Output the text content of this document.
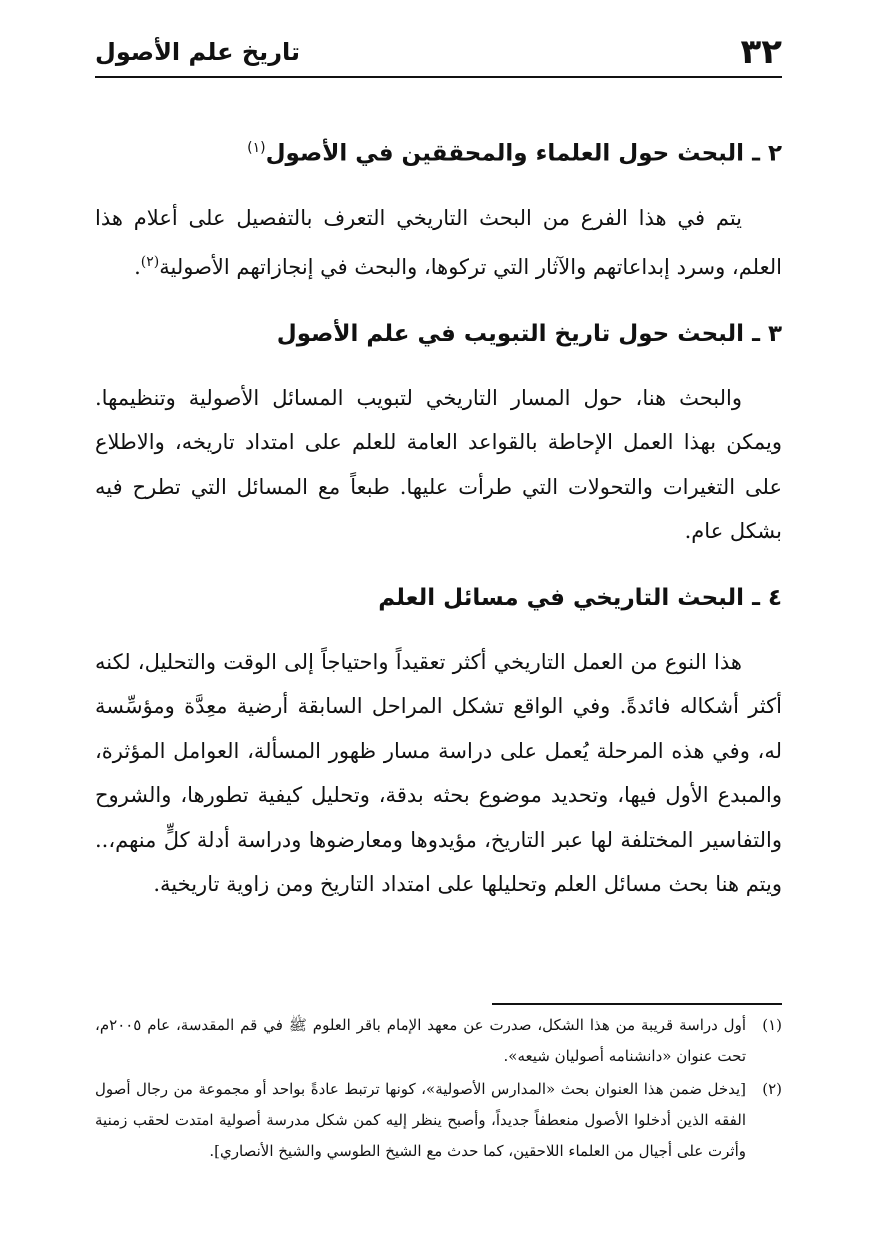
٣٢
تاريخ علم الأصول
٢ ـ البحث حول العلماء والمحققين في الأصول$^{(١)}$

يتم في هذا الفرع من البحث التاريخي التعرف بالتفصيل على أعلام هذا العلم، وسرد إبداعاتهم والآثار التي تركوها، والبحث في إنجازاتهم الأصولية$^{(٢)}$.

٣ ـ البحث حول تاريخ التبويب في علم الأصول

والبحث هنا، حول المسار التاريخي لتبويب المسائل الأصولية وتنظيمها. ويمكن بهذا العمل الإحاطة بالقواعد العامة للعلم على امتداد تاريخه، والاطلاع على التغيرات والتحولات التي طرأت عليها. طبعاً مع المسائل التي تطرح فيه بشكل عام.

٤ ـ البحث التاريخي في مسائل العلم

هذا النوع من العمل التاريخي أكثر تعقيداً واحتياجاً إلى الوقت والتحليل، لكنه أكثر أشكاله فائدةً. وفي الواقع تشكل المراحل السابقة أرضية معِدَّة ومؤسِّسة له، وفي هذه المرحلة يُعمل على دراسة مسار ظهور المسألة، العوامل المؤثرة، والمبدع الأول فيها، وتحديد موضوع بحثه بدقة، وتحليل كيفية تطورها، والشروح والتفاسير المختلفة لها عبر التاريخ، مؤيدوها ومعارضوها ودراسة أدلة كلٍّ منهم،.. ويتم هنا بحث مسائل العلم وتحليلها على امتداد التاريخ ومن زاوية تاريخية.

(١)
أول دراسة قريبة من هذا الشكل، صدرت عن معهد الإمام باقر العلوم ﷺ في قم المقدسة، عام ٢٠٠٥م، تحت عنوان «دانشنامه أصوليان شيعه».
(٢)
[يدخل ضمن هذا العنوان بحث «المدارس الأصولية»، كونها ترتبط عادةً بواحد أو مجموعة من رجال أصول الفقه الذين أدخلوا الأصول منعطفاً جديداً، وأصبح ينظر إليه كمن شكل مدرسة أصولية امتدت لحقب زمنية وأثرت على أجيال من العلماء اللاحقين، كما حدث مع الشيخ الطوسي والشيخ الأنصاري].
